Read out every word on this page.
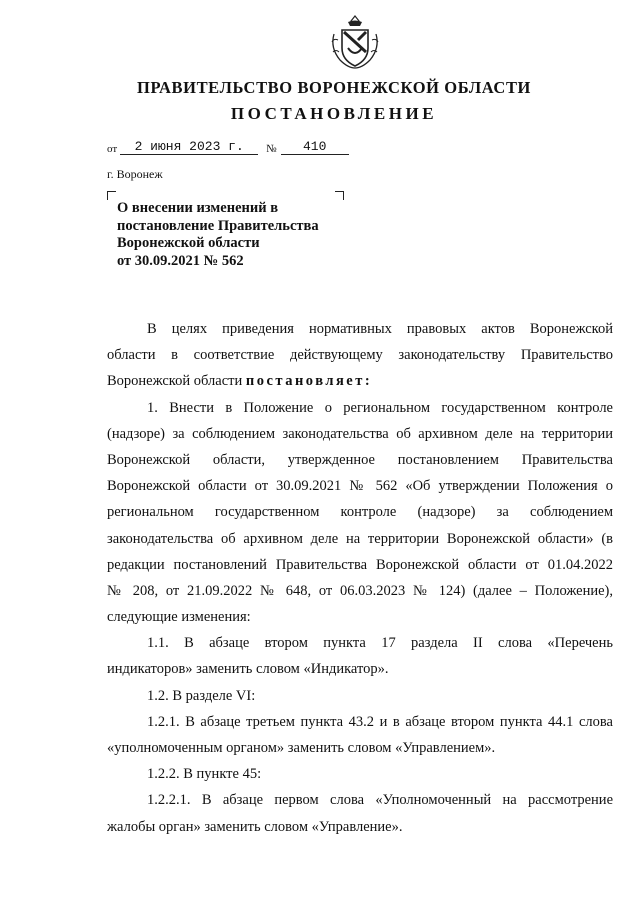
ПРАВИТЕЛЬСТВО ВОРОНЕЖСКОЙ ОБЛАСТИ
ПОСТАНОВЛЕНИЕ
от 2 июня 2023 г. № 410
г. Воронеж
О внесении изменений в
постановление Правительства
Воронежской области
от 30.09.2021 № 562
В целях приведения нормативных правовых актов Воронежской
области в соответствие действующему законодательству Правительство
Воронежской области постановляет:
1. Внести в Положение о региональном государственном контроле
(надзоре) за соблюдением законодательства об архивном деле на территории
Воронежской области, утвержденное постановлением Правительства
Воронежской области от 30.09.2021 № 562 «Об утверждении Положения о
региональном государственном контроле (надзоре) за соблюдением
законодательства об архивном деле на территории Воронежской области» (в
редакции постановлений Правительства Воронежской области от 01.04.2022
№ 208, от 21.09.2022 № 648, от 06.03.2023 № 124) (далее – Положение),
следующие изменения:
1.1. В абзаце втором пункта 17 раздела II слова «Перечень
индикаторов» заменить словом «Индикатор».
1.2. В разделе VI:
1.2.1. В абзаце третьем пункта 43.2 и в абзаце втором пункта 44.1 слова
«уполномоченным органом» заменить словом «Управлением».
1.2.2. В пункте 45:
1.2.2.1. В абзаце первом слова «Уполномоченный на рассмотрение
жалобы орган» заменить словом «Управление».
